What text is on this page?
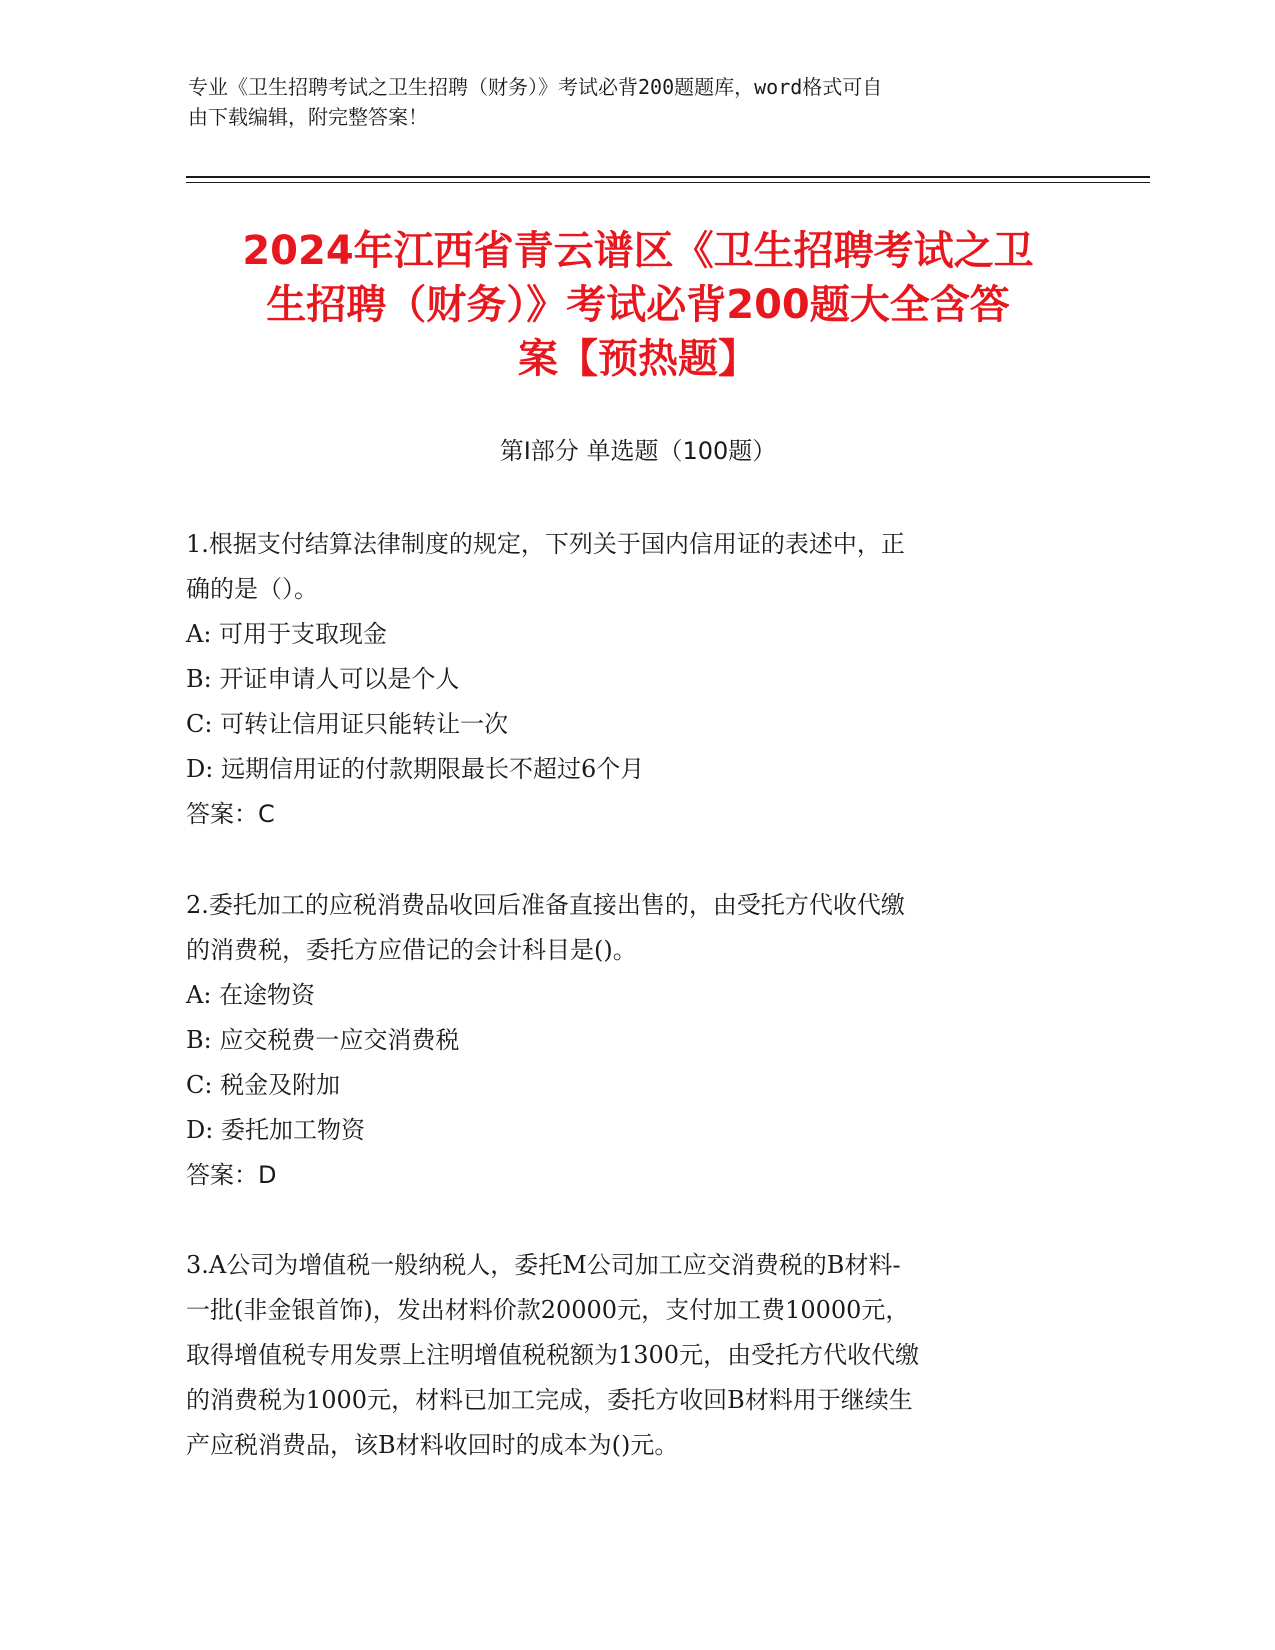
专业《卫生招聘考试之卫生招聘（财务）》考试必背200题题库，word格式可自
由下载编辑，附完整答案！
2024年江西省青云谱区《卫生招聘考试之卫
生招聘（财务）》考试必背200题大全含答
案【预热题】
第Ⅰ部分 单选题（100题）

1.根据支付结算法律制度的规定，下列关于国内信用证的表述中，正

确的是（）。

A: 可用于支取现金

B: 开证申请人可以是个人

C: 可转让信用证只能转让一次

D: 远期信用证的付款期限最长不超过6个月

答案：C

2.委托加工的应税消费品收回后准备直接出售的，由受托方代收代缴

的消费税，委托方应借记的会计科目是()。

A: 在途物资

B: 应交税费一应交消费税

C: 税金及附加

D: 委托加工物资

答案：D

3.A公司为增值税一般纳税人，委托M公司加工应交消费税的B材料-

一批(非金银首饰)，发出材料价款20000元，支付加工费10000元，

取得增值税专用发票上注明增值税税额为1300元，由受托方代收代缴

的消费税为1000元，材料已加工完成，委托方收回B材料用于继续生

产应税消费品，该B材料收回时的成本为()元。
